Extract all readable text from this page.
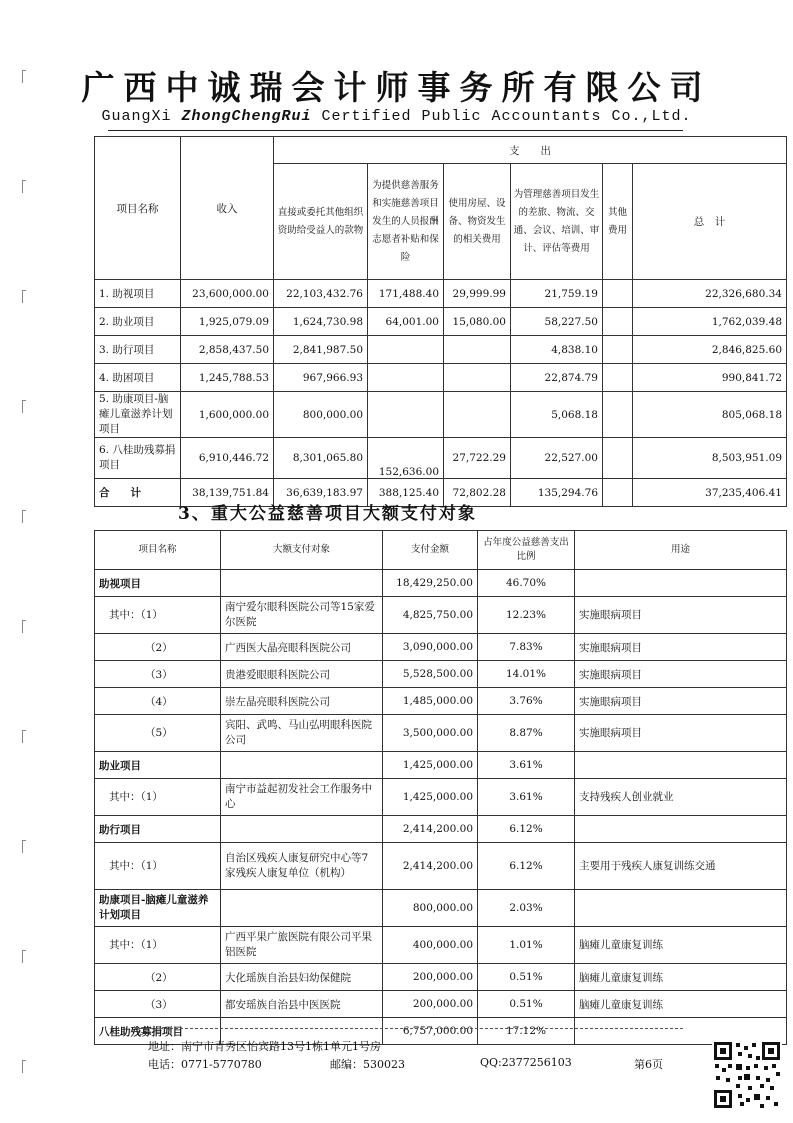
广西中诚瑞会计师事务所有限公司
GuangXi ZhongChengRui Certified Public Accountants Co.,Ltd.
项目名称	收入	支　　出					
		直接或委托其他组织资助给受益人的款物	为提供慈善服务和实施慈善项目发生的人员报酬志愿者补贴和保险	使用房屋、设备、物资发生的相关费用	为管理慈善项目发生的差旅、物流、交通、会议、培训、审计、评估等费用	其他费用	总　计
1. 助视项目	23,600,000.00	22,103,432.76	171,488.40	29,999.99	21,759.19		22,326,680.34
2. 助业项目	1,925,079.09	1,624,730.98	64,001.00	15,080.00	58,227.50		1,762,039.48
3. 助行项目	2,858,437.50	2,841,987.50			4,838.10		2,846,825.60
4. 助困项目	1,245,788.53	967,966.93			22,874.79		990,841.72
5. 助康项目-脑瘫儿童滋养计划项目	1,600,000.00	800,000.00			5,068.18		805,068.18
6. 八桂助残募捐项目	6,910,446.72	8,301,065.80	152,636.00	27,722.29	22,527.00		8,503,951.09
合　　计	38,139,751.84	36,639,183.97	388,125.40	72,802.28	135,294.76		37,235,406.41
3、重大公益慈善项目大额支付对象
项目名称	大额支付对象	支付金额	占年度公益慈善支出比例	用途
助视项目		18,429,250.00	46.70%	
其中：（1）	南宁爱尔眼科医院公司等15家爱尔医院	4,825,750.00	12.23%	实施眼病项目
（2）	广西医大晶亮眼科医院公司	3,090,000.00	7.83%	实施眼病项目
（3）	贵港爱眼眼科医院公司	5,528,500.00	14.01%	实施眼病项目
（4）	崇左晶亮眼科医院公司	1,485,000.00	3.76%	实施眼病项目
（5）	宾阳、武鸣、马山弘明眼科医院公司	3,500,000.00	8.87%	实施眼病项目
助业项目		1,425,000.00	3.61%	
其中：（1）	南宁市益起初发社会工作服务中心	1,425,000.00	3.61%	支持残疾人创业就业
助行项目		2,414,200.00	6.12%	
其中：（1）	自治区残疾人康复研究中心等7家残疾人康复单位（机构）	2,414,200.00	6.12%	主要用于残疾人康复训练交通
助康项目-脑瘫儿童滋养计划项目		800,000.00	2.03%	
其中：（1）	广西平果广旅医院有限公司平果铝医院	400,000.00	1.01%	脑瘫儿童康复训练
（2）	大化瑶族自治县妇幼保健院	200,000.00	0.51%	脑瘫儿童康复训练
（3）	都安瑶族自治县中医医院	200,000.00	0.51%	脑瘫儿童康复训练
八桂助残募捐项目		6,757,000.00	17.12%	
地址：南宁市青秀区怡宾路13号1栋1单元1号房
电话：0771-5770780	邮编：530023	QQ:2377256103	第6页
